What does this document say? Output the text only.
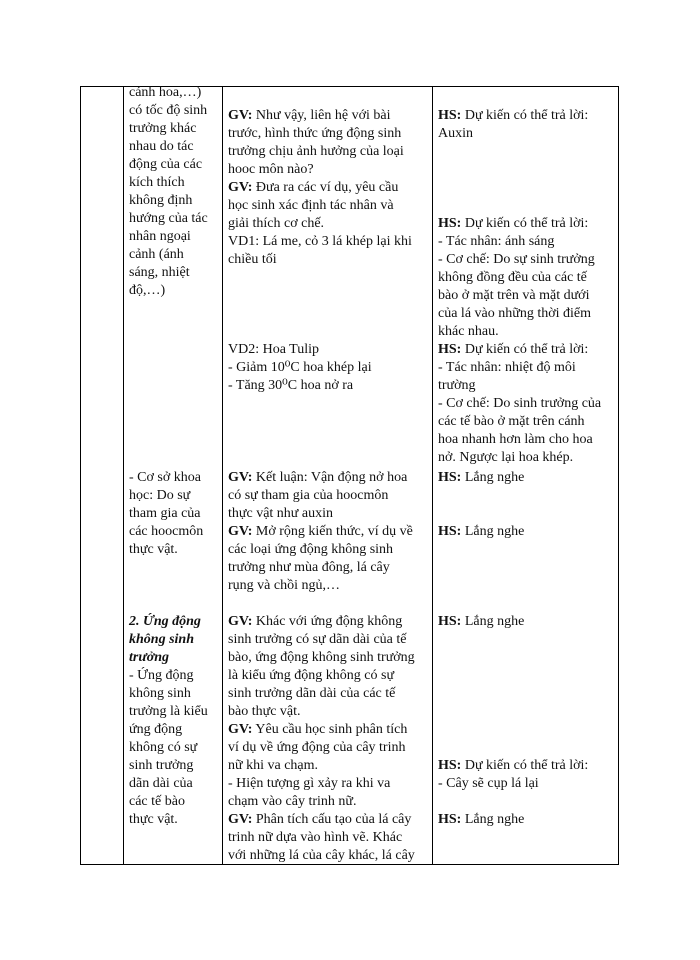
cánh hoa,…)

có tốc độ sinh

trưởng khác

nhau do tác

động của các

kích thích

không định

hướng của tác

nhân ngoại

cảnh (ánh

sáng, nhiệt

độ,…)

- Cơ sở khoa

học: Do sự

tham gia của

các hoocmôn

thực vật.

2. Ứng động

không sinh

trưởng

- Ứng động

không sinh

trưởng là kiểu

ứng động

không có sự

sinh trưởng

dãn dài của

các tế bào

thực vật.

GV: Như vậy, liên hệ với bài

trước, hình thức ứng động sinh

trưởng chịu ảnh hưởng của loại

hooc môn nào?

GV: Đưa ra các ví dụ, yêu cầu

học sinh xác định tác nhân và

giải thích cơ chế.

VD1: Lá me, cỏ 3 lá khép lại khi

chiều tối

VD2: Hoa Tulip

- Giảm 10⁰C hoa khép lại

- Tăng 30⁰C hoa nở ra

GV: Kết luận: Vận động nở hoa

có sự tham gia của hoocmôn

thực vật như auxin

GV: Mở rộng kiến thức, ví dụ về

các loại ứng động không sinh

trưởng như mùa đông, lá cây

rụng và chồi ngủ,…

GV: Khác với ứng động không

sinh trưởng có sự dãn dài của tế

bào, ứng động không sinh trưởng

là kiểu ứng động không có sự

sinh trưởng dãn dài của các tế

bào thực vật.

GV: Yêu cầu học sinh phân tích

ví dụ về ứng động của cây trinh

nữ khi va chạm.

- Hiện tượng gì xảy ra khi va

chạm vào cây trinh nữ.

GV: Phân tích cấu tạo của lá cây

trinh nữ dựa vào hình vẽ. Khác

với những lá của cây khác, lá cây

HS: Dự kiến có thể trả lời:

Auxin

HS: Dự kiến có thể trả lời:

- Tác nhân: ánh sáng

- Cơ chế: Do sự sinh trưởng

không đồng đều của các tế

bào ở mặt trên và mặt dưới

của lá vào những thời điểm

khác nhau.

HS: Dự kiến có thể trả lời:

- Tác nhân: nhiệt độ môi

trường

- Cơ chế: Do sinh trưởng của

các tế bào ở mặt trên cánh

hoa nhanh hơn làm cho hoa

nở. Ngược lại hoa khép.

HS: Lắng nghe

HS: Lắng nghe

HS: Lắng nghe

HS: Dự kiến có thể trả lời:

- Cây sẽ cụp lá lại

HS: Lắng nghe
